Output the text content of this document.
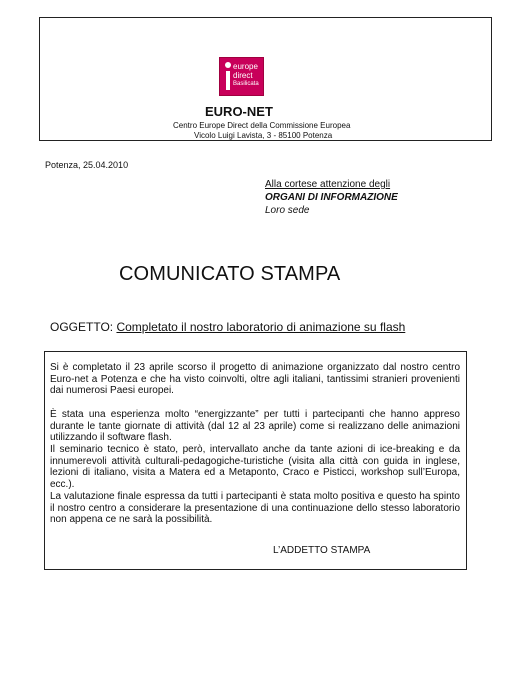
europe
direct
Basilicata
EURO-NET
Centro Europe Direct della Commissione Europea
Vicolo Luigi Lavista, 3 - 85100 Potenza
Potenza, 25.04.2010
Alla cortese attenzione degli
ORGANI DI INFORMAZIONE
Loro sede
COMUNICATO STAMPA
OGGETTO: Completato il nostro laboratorio di animazione su flash
Si è completato il 23 aprile scorso il progetto di animazione organizzato dal nostro centro Euro-net a Potenza e che ha visto coinvolti, oltre agli italiani, tantissimi stranieri provenienti dai numerosi Paesi europei.
È stata una esperienza molto “energizzante” per tutti i partecipanti che hanno appreso durante le tante giornate di attività (dal 12 al 23 aprile) come si realizzano delle animazioni utilizzando il software flash.
Il seminario tecnico è stato, però, intervallato anche da tante azioni di ice-breaking e da innumerevoli attività culturali-pedagogiche-turistiche (visita alla città con guida in inglese, lezioni di italiano, visita a Matera ed a Metaponto, Craco e Pisticci, workshop sull’Europa, ecc.).
La valutazione finale espressa da tutti i partecipanti è stata molto positiva e questo ha spinto il nostro centro a considerare la presentazione di una continuazione dello stesso laboratorio non appena ce ne sarà la possibilità.
L’ADDETTO STAMPA
